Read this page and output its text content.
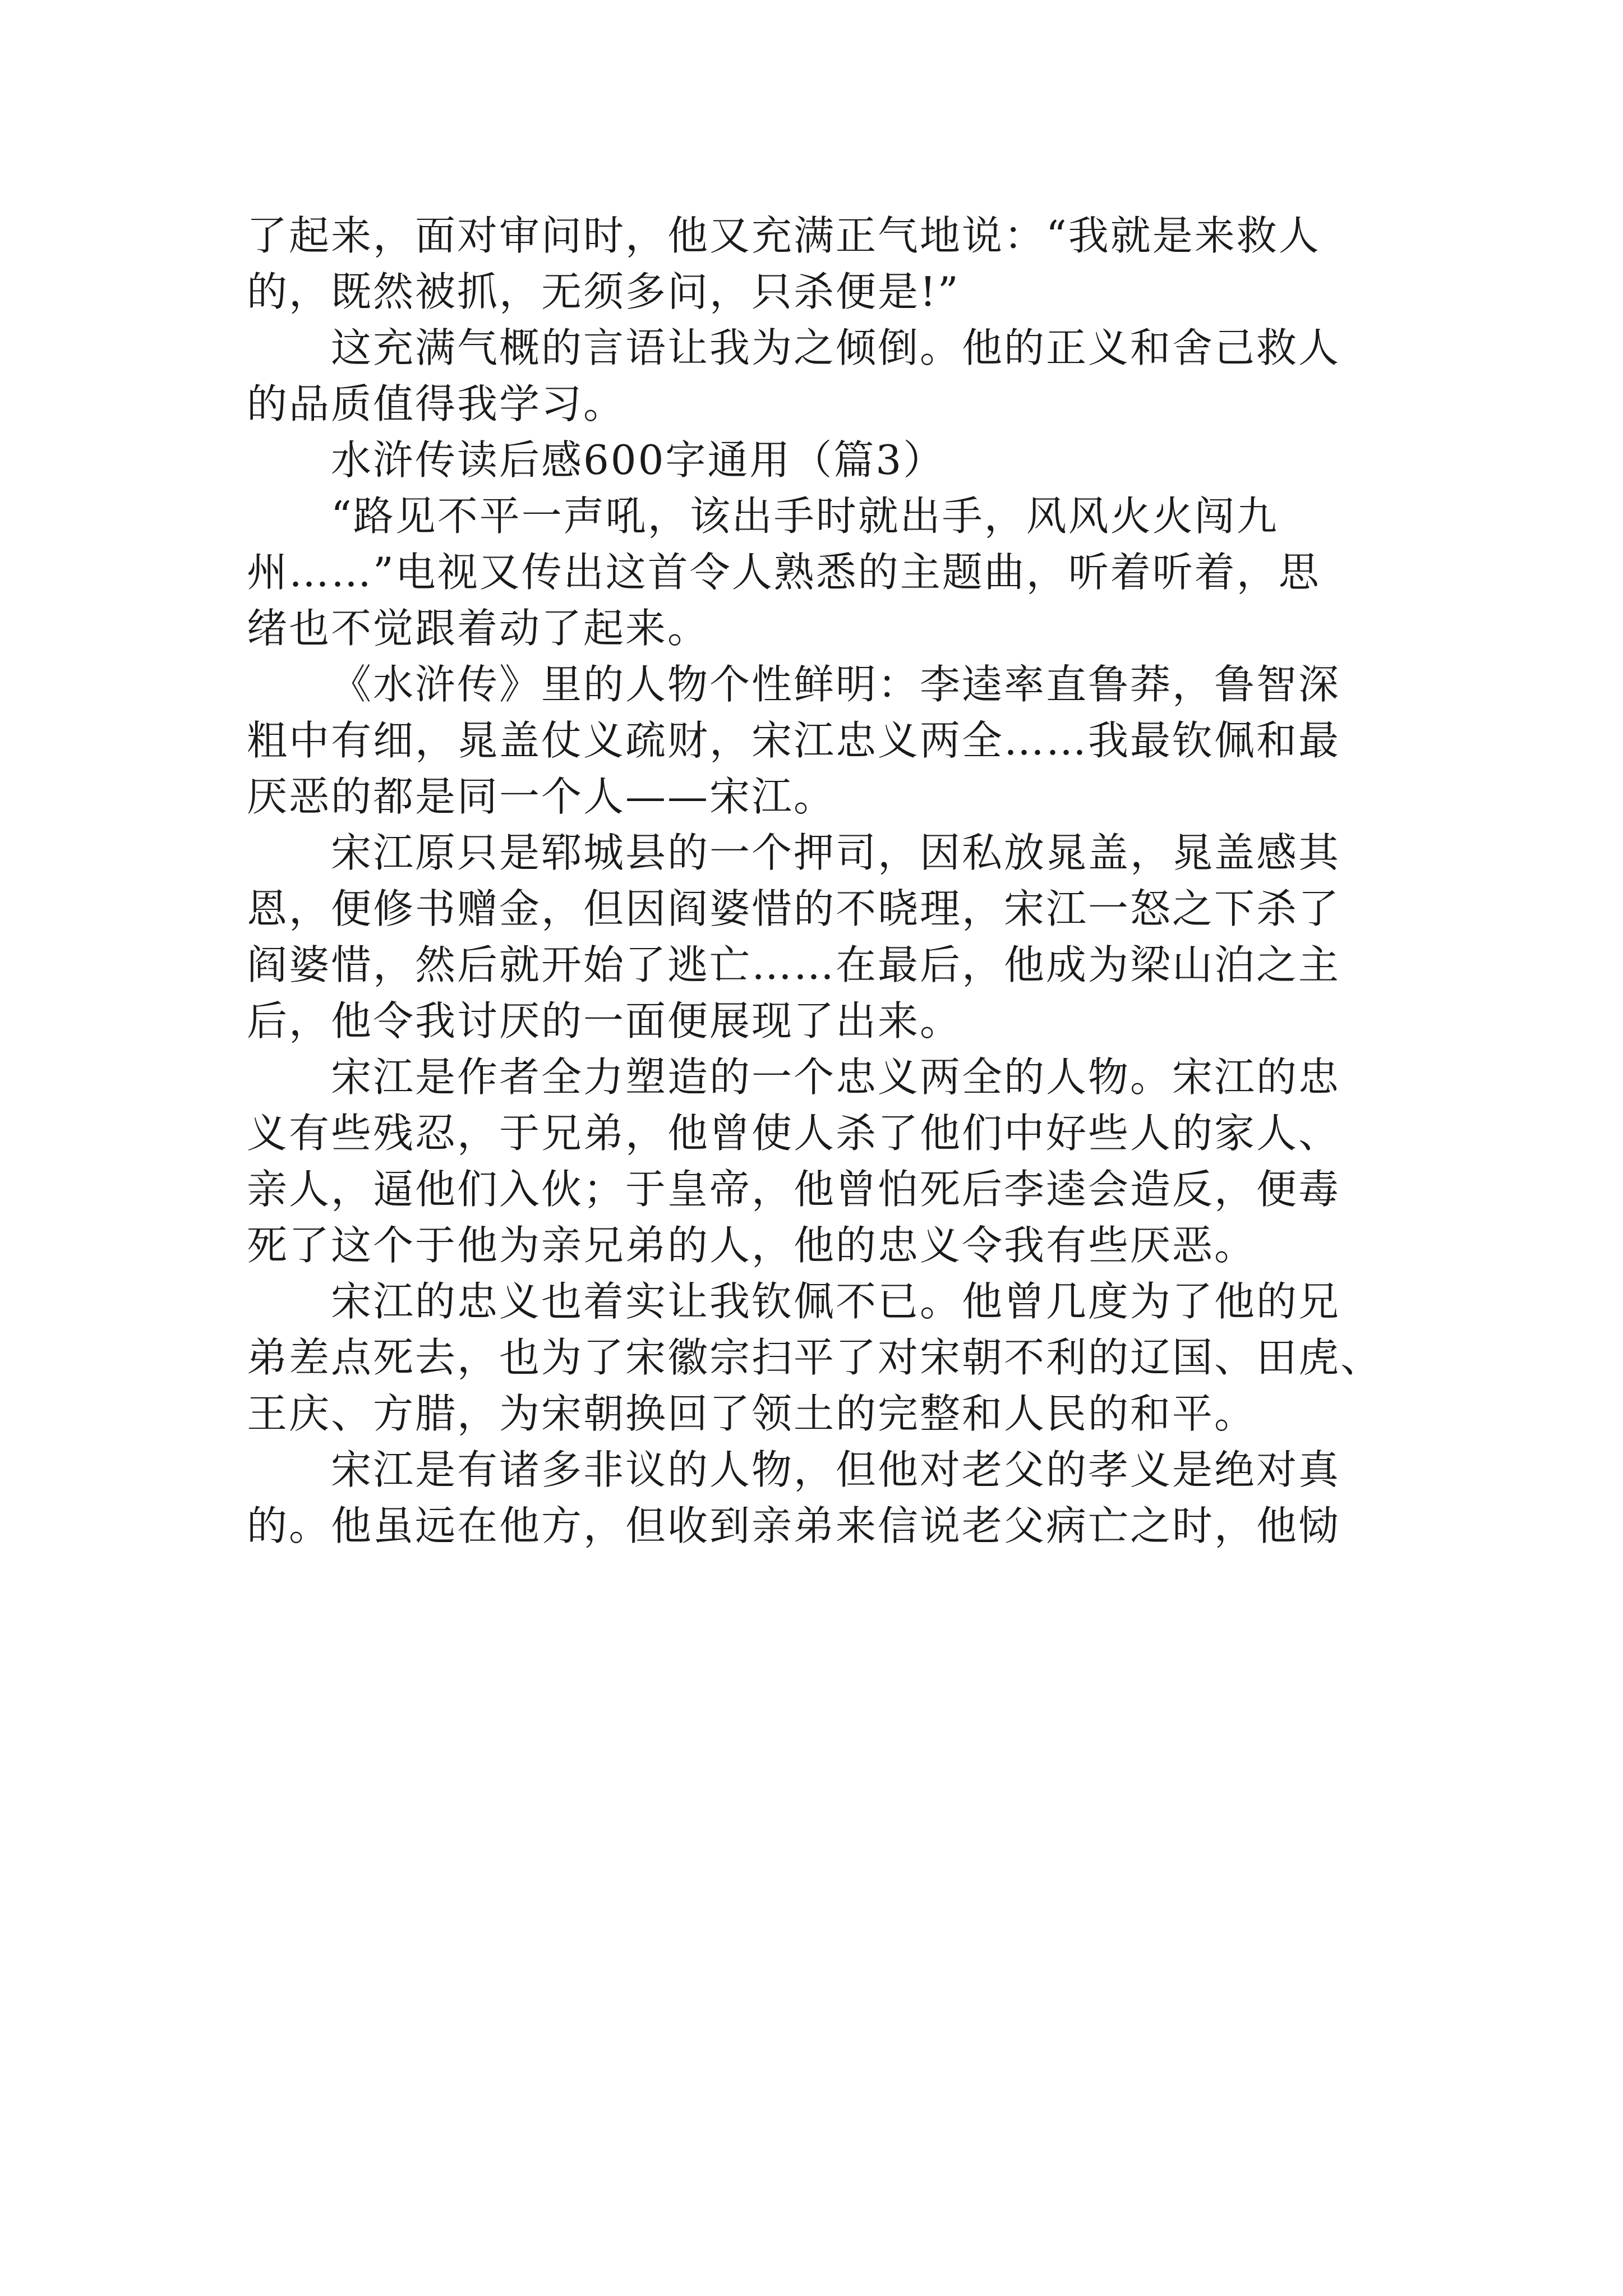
了起来，面对审问时，他又充满正气地说：“我就是来救人
的，既然被抓，无须多问，只杀便是!”
这充满气概的言语让我为之倾倒。他的正义和舍己救人
的品质值得我学习。
水浒传读后感600字通用（篇3）
“路见不平一声吼，该出手时就出手，风风火火闯九
州……”电视又传出这首令人熟悉的主题曲，听着听着，思
绪也不觉跟着动了起来。
《水浒传》里的人物个性鲜明：李逵率直鲁莽，鲁智深
粗中有细，晁盖仗义疏财，宋江忠义两全……我最钦佩和最
厌恶的都是同一个人——宋江。
宋江原只是郓城县的一个押司，因私放晁盖，晁盖感其
恩，便修书赠金，但因阎婆惜的不晓理，宋江一怒之下杀了
阎婆惜，然后就开始了逃亡……在最后，他成为梁山泊之主
后，他令我讨厌的一面便展现了出来。
宋江是作者全力塑造的一个忠义两全的人物。宋江的忠
义有些残忍，于兄弟，他曾使人杀了他们中好些人的家人、
亲人，逼他们入伙；于皇帝，他曾怕死后李逵会造反，便毒
死了这个于他为亲兄弟的人，他的忠义令我有些厌恶。
宋江的忠义也着实让我钦佩不已。他曾几度为了他的兄
弟差点死去，也为了宋徽宗扫平了对宋朝不利的辽国、田虎、
王庆、方腊，为宋朝换回了领土的完整和人民的和平。
宋江是有诸多非议的人物，但他对老父的孝义是绝对真
的。他虽远在他方，但收到亲弟来信说老父病亡之时，他恸
